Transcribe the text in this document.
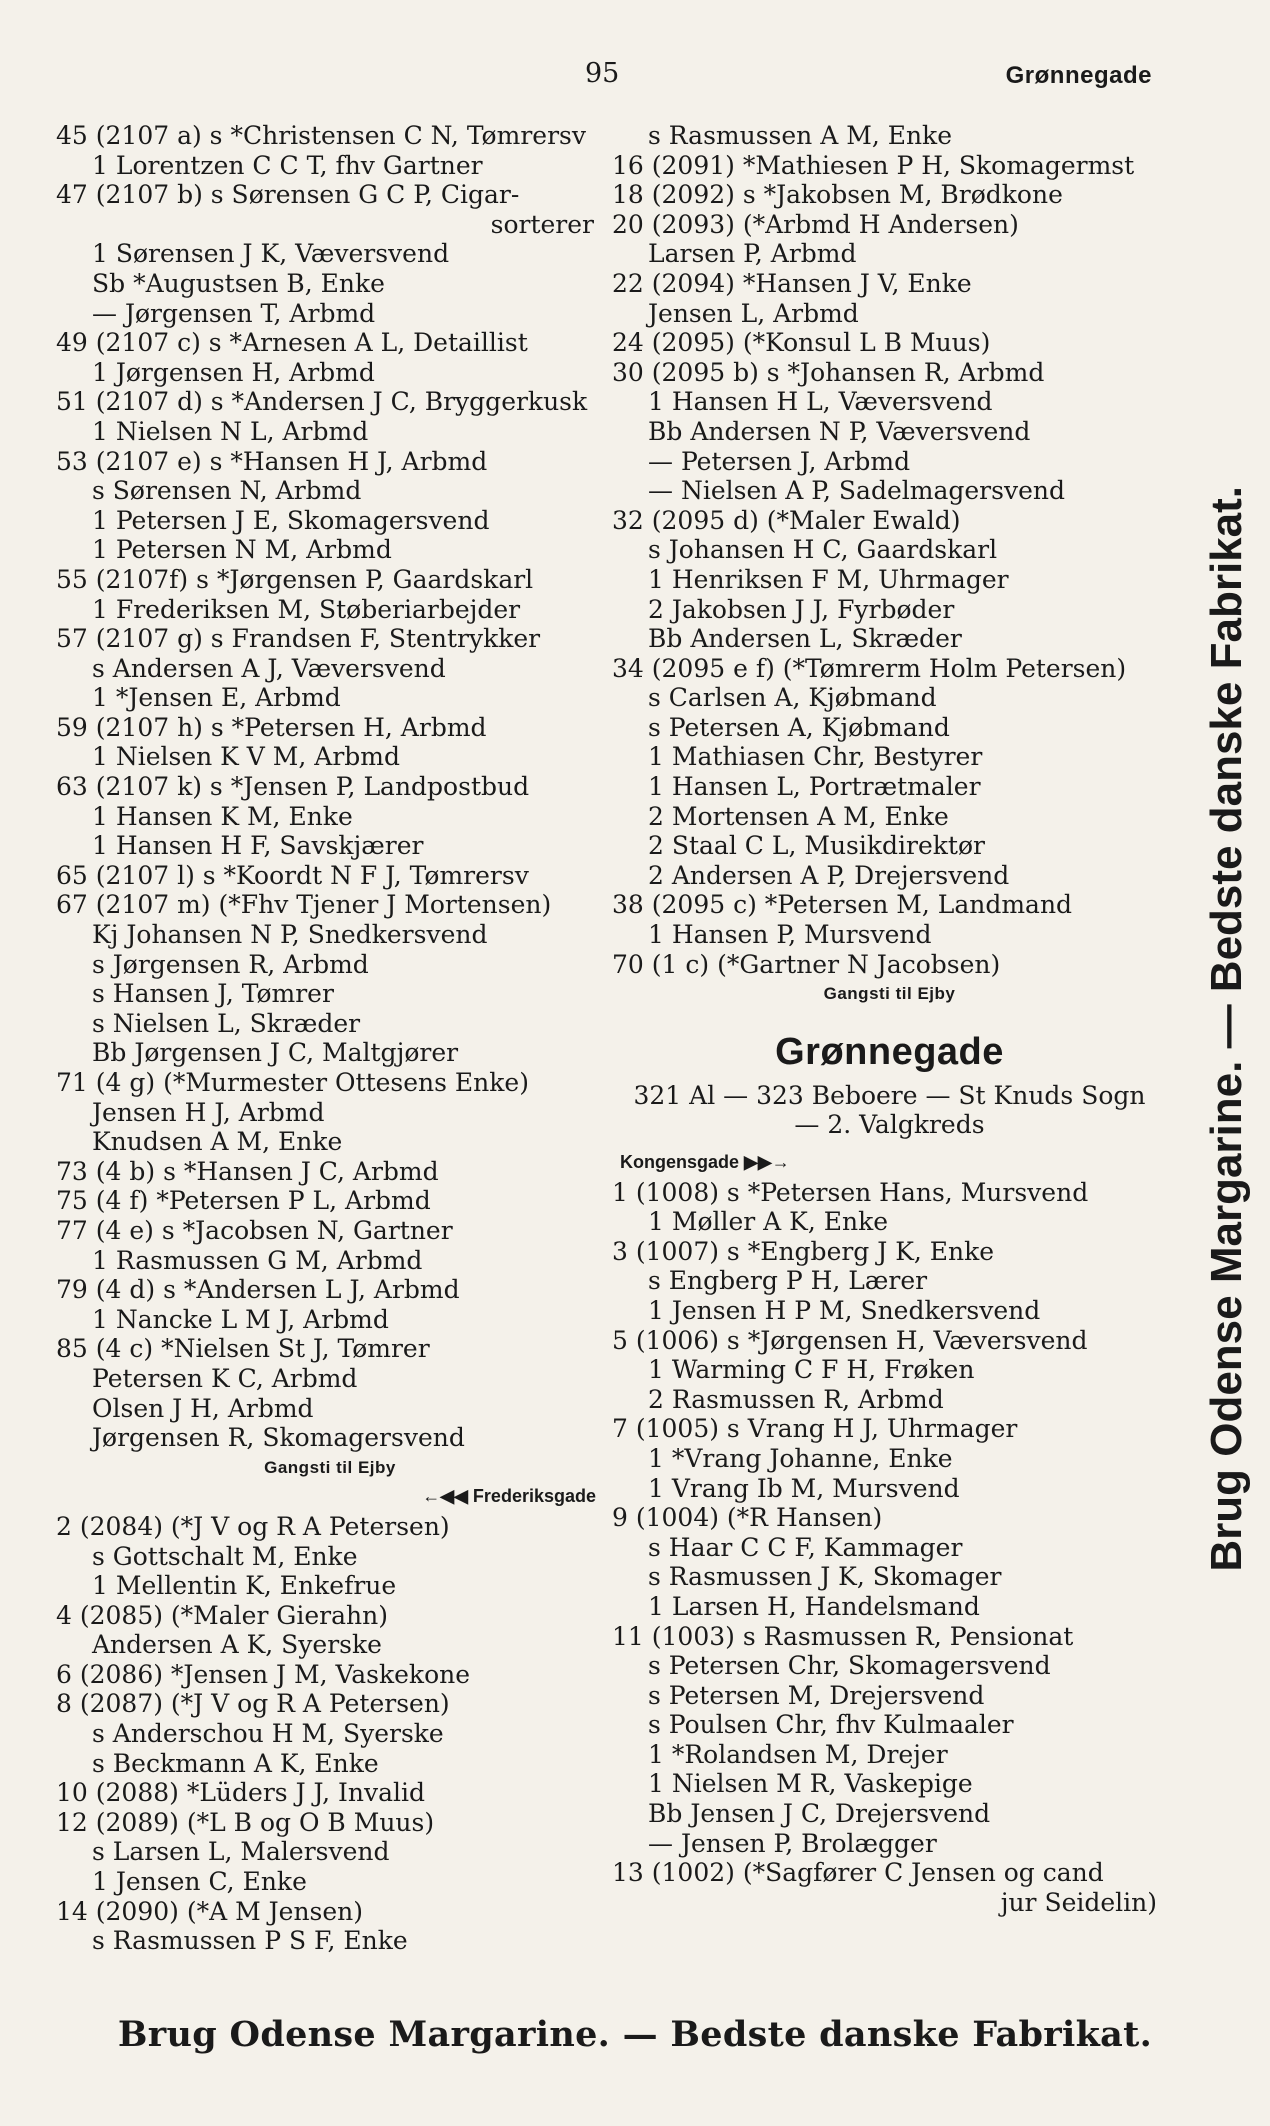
95	Grønnegade
45 (2107 a) s *Christensen C N, Tømrersv
1 Lorentzen C C T, fhv Gartner
47 (2107 b) s Sørensen G C P, Cigar-
sorterer
1 Sørensen J K, Væversvend
Sb *Augustsen B, Enke
— Jørgensen T, Arbmd
49 (2107 c) s *Arnesen A L, Detaillist
1 Jørgensen H, Arbmd
51 (2107 d) s *Andersen J C, Bryggerkusk
1 Nielsen N L, Arbmd
53 (2107 e) s *Hansen H J, Arbmd
s Sørensen N, Arbmd
1 Petersen J E, Skomagersvend
1 Petersen N M, Arbmd
55 (2107f) s *Jørgensen P, Gaardskarl
1 Frederiksen M, Støberiarbejder
57 (2107 g) s Frandsen F, Stentrykker
s Andersen A J, Væversvend
1 *Jensen E, Arbmd
59 (2107 h) s *Petersen H, Arbmd
1 Nielsen K V M, Arbmd
63 (2107 k) s *Jensen P, Landpostbud
1 Hansen K M, Enke
1 Hansen H F, Savskjærer
65 (2107 l) s *Koordt N F J, Tømrersv
67 (2107 m) (*Fhv Tjener J Mortensen)
Kj Johansen N P, Snedkersvend
s Jørgensen R, Arbmd
s Hansen J, Tømrer
s Nielsen L, Skræder
Bb Jørgensen J C, Maltgjører
71 (4 g) (*Murmester Ottesens Enke)
Jensen H J, Arbmd
Knudsen A M, Enke
73 (4 b) s *Hansen J C, Arbmd
75 (4 f) *Petersen P L, Arbmd
77 (4 e) s *Jacobsen N, Gartner
1 Rasmussen G M, Arbmd
79 (4 d) s *Andersen L J, Arbmd
1 Nancke L M J, Arbmd
85 (4 c) *Nielsen St J, Tømrer
Petersen K C, Arbmd
Olsen J H, Arbmd
Jørgensen R, Skomagersvend
Gangsti til Ejby
←◀◀ Frederiksgade
2 (2084) (*J V og R A Petersen)
s Gottschalt M, Enke
1 Mellentin K, Enkefrue
4 (2085) (*Maler Gierahn)
Andersen A K, Syerske
6 (2086) *Jensen J M, Vaskekone
8 (2087) (*J V og R A Petersen)
s Anderschou H M, Syerske
s Beckmann A K, Enke
10 (2088) *Lüders J J, Invalid
12 (2089) (*L B og O B Muus)
s Larsen L, Malersvend
1 Jensen C, Enke
14 (2090) (*A M Jensen)
s Rasmussen P S F, Enke
s Rasmussen A M, Enke
16 (2091) *Mathiesen P H, Skomagermst
18 (2092) s *Jakobsen M, Brødkone
20 (2093) (*Arbmd H Andersen)
Larsen P, Arbmd
22 (2094) *Hansen J V, Enke
Jensen L, Arbmd
24 (2095) (*Konsul L B Muus)
30 (2095 b) s *Johansen R, Arbmd
1 Hansen H L, Væversvend
Bb Andersen N P, Væversvend
— Petersen J, Arbmd
— Nielsen A P, Sadelmagersvend
32 (2095 d) (*Maler Ewald)
s Johansen H C, Gaardskarl
1 Henriksen F M, Uhrmager
2 Jakobsen J J, Fyrbøder
Bb Andersen L, Skræder
34 (2095 e f) (*Tømrerm Holm Petersen)
s Carlsen A, Kjøbmand
s Petersen A, Kjøbmand
1 Mathiasen Chr, Bestyrer
1 Hansen L, Portrætmaler
2 Mortensen A M, Enke
2 Staal C L, Musikdirektør
2 Andersen A P, Drejersvend
38 (2095 c) *Petersen M, Landmand
1 Hansen P, Mursvend
70 (1 c) (*Gartner N Jacobsen)
Gangsti til Ejby
Grønnegade
321 Al — 323 Beboere — St Knuds Sogn
— 2. Valgkreds
Kongensgade ▶▶→
1 (1008) s *Petersen Hans, Mursvend
1 Møller A K, Enke
3 (1007) s *Engberg J K, Enke
s Engberg P H, Lærer
1 Jensen H P M, Snedkersvend
5 (1006) s *Jørgensen H, Væversvend
1 Warming C F H, Frøken
2 Rasmussen R, Arbmd
7 (1005) s Vrang H J, Uhrmager
1 *Vrang Johanne, Enke
1 Vrang Ib M, Mursvend
9 (1004) (*R Hansen)
s Haar C C F, Kammager
s Rasmussen J K, Skomager
1 Larsen H, Handelsmand
11 (1003) s Rasmussen R, Pensionat
s Petersen Chr, Skomagersvend
s Petersen M, Drejersvend
s Poulsen Chr, fhv Kulmaaler
1 *Rolandsen M, Drejer
1 Nielsen M R, Vaskepige
Bb Jensen J C, Drejersvend
— Jensen P, Brolægger
13 (1002) (*Sagfører C Jensen og cand
jur Seidelin)
Brug Odense Margarine. — Bedste danske Fabrikat.
Brug Odense Margarine. — Bedste danske Fabrikat.
